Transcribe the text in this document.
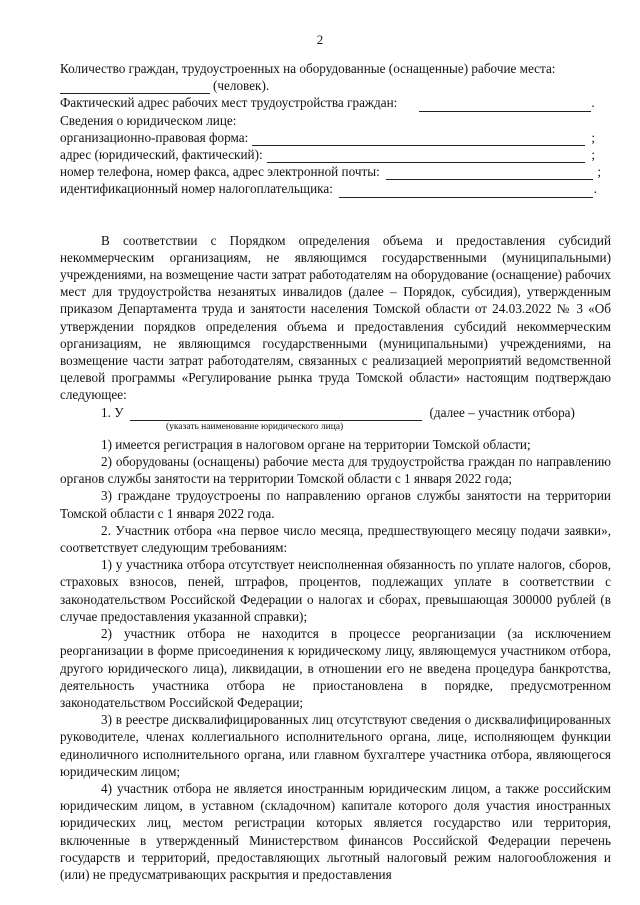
2

Количество граждан, трудоустроенных на оборудованные (оснащенные) рабочие места:

(человек).
Фактический адрес рабочих мест трудоустройства граждан:	.

Сведения о юридическом лице:

организационно-правовая форма:	;
адрес (юридический, фактический):	;
номер телефона, номер факса, адрес электронной почты:	;
идентификационный номер налогоплательщика:	.

В соответствии с Порядком определения объема и предоставления субсидий некоммерческим организациям, не являющимся государственными (муниципальными) учреждениями, на возмещение части затрат работодателям на оборудование (оснащение) рабочих мест для трудоустройства незанятых инвалидов (далее – Порядок, субсидия), утвержденным приказом Департамента труда и занятости населения Томской области от 24.03.2022 № 3 «Об утверждении порядков определения объема и предоставления субсидий некоммерческим организациям, не являющимся государственными (муниципальными) учреждениями, на возмещение части затрат работодателям, связанных с реализацией мероприятий ведомственной целевой программы «Регулирование рынка труда Томской области» настоящим подтверждаю следующее:

1. У	(далее – участник отбора)
(указать наименование юридического лица)

1) имеется регистрация в налоговом органе на территории Томской области;

2) оборудованы (оснащены) рабочие места для трудоустройства граждан по направлению органов службы занятости на территории Томской области с 1 января 2022 года;

3) граждане трудоустроены по направлению органов службы занятости на территории Томской области с 1 января 2022 года.

2. Участник отбора «на первое число месяца, предшествующего месяцу подачи заявки», соответствует следующим требованиям:

1) у участника отбора отсутствует неисполненная обязанность по уплате налогов, сборов, страховых взносов, пеней, штрафов, процентов, подлежащих уплате в соответствии с законодательством Российской Федерации о налогах и сборах, превышающая 300000 рублей (в случае предоставления указанной справки);

2) участник отбора не находится в процессе реорганизации (за исключением реорганизации в форме присоединения к юридическому лицу, являющемуся участником отбора, другого юридического лица), ликвидации, в отношении его не введена процедура банкротства, деятельность участника отбора не приостановлена в порядке, предусмотренном законодательством Российской Федерации;

3) в реестре дисквалифицированных лиц отсутствуют сведения о дисквалифицированных руководителе, членах коллегиального исполнительного органа, лице, исполняющем функции единоличного исполнительного органа, или главном бухгалтере участника отбора, являющегося юридическим лицом;

4) участник отбора не является иностранным юридическим лицом, а также российским юридическим лицом, в уставном (складочном) капитале которого доля участия иностранных юридических лиц, местом регистрации которых является государство или территория, включенные в утвержденный Министерством финансов Российской Федерации перечень государств и территорий, предоставляющих льготный налоговый режим налогообложения и (или) не предусматривающих раскрытия и предоставления
